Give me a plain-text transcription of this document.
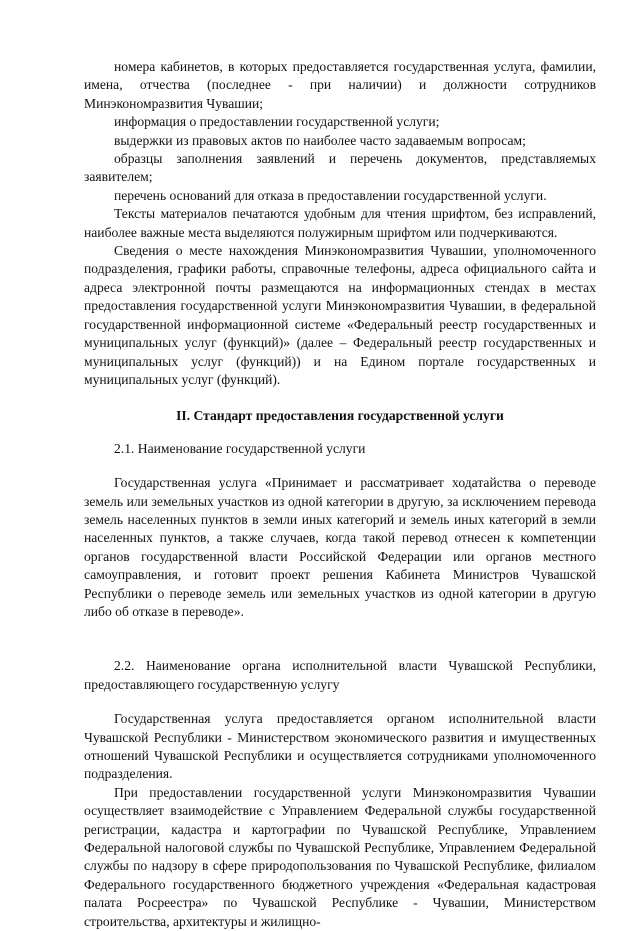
номера кабинетов, в которых предоставляется государственная услуга, фамилии, имена, отчества (последнее - при наличии) и должности сотрудников Минэкономразвития Чувашии;

информация о предоставлении государственной услуги;

выдержки из правовых актов по наиболее часто задаваемым вопросам;

образцы заполнения заявлений и перечень документов, представляемых заявителем;

перечень оснований для отказа в предоставлении государственной услуги.

Тексты материалов печатаются удобным для чтения шрифтом, без исправлений, наиболее важные места выделяются полужирным шрифтом или подчеркиваются.

Сведения о месте нахождения Минэкономразвития Чувашии, уполномоченного подразделения, графики работы, справочные телефоны, адреса официального сайта и адреса электронной почты размещаются на информационных стендах в местах предоставления государственной услуги Минэкономразвития Чувашии, в федеральной государственной информационной системе «Федеральный реестр государственных и муниципальных услуг (функций)» (далее – Федеральный реестр государственных и муниципальных услуг (функций)) и на Едином портале государственных и муниципальных услуг (функций).

II. Стандарт предоставления государственной услуги

2.1. Наименование государственной услуги

Государственная услуга «Принимает и рассматривает ходатайства о переводе земель или земельных участков из одной категории в другую, за исключением перевода земель населенных пунктов в земли иных категорий и земель иных категорий в земли населенных пунктов, а также случаев, когда такой перевод отнесен к компетенции органов государственной власти Российской Федерации или органов местного самоуправления, и готовит проект решения Кабинета Министров Чувашской Республики о переводе земель или земельных участков из одной категории в другую либо об отказе в переводе».

2.2. Наименование органа исполнительной власти Чувашской Республики, предоставляющего государственную услугу

Государственная услуга предоставляется органом исполнительной власти Чувашской Республики - Министерством экономического развития и имущественных отношений Чувашской Республики и осуществляется сотрудниками уполномоченного подразделения.

При предоставлении государственной услуги Минэкономразвития Чувашии осуществляет взаимодействие с Управлением Федеральной службы государственной регистрации, кадастра и картографии по Чувашской Республике, Управлением Федеральной налоговой службы по Чувашской Республике, Управлением Федеральной службы по надзору в сфере природопользования по Чувашской Республике, филиалом Федерального государственного бюджетного учреждения «Федеральная кадастровая палата Росреестра» по Чувашской Республике - Чувашии, Министерством строительства, архитектуры и жилищно-
